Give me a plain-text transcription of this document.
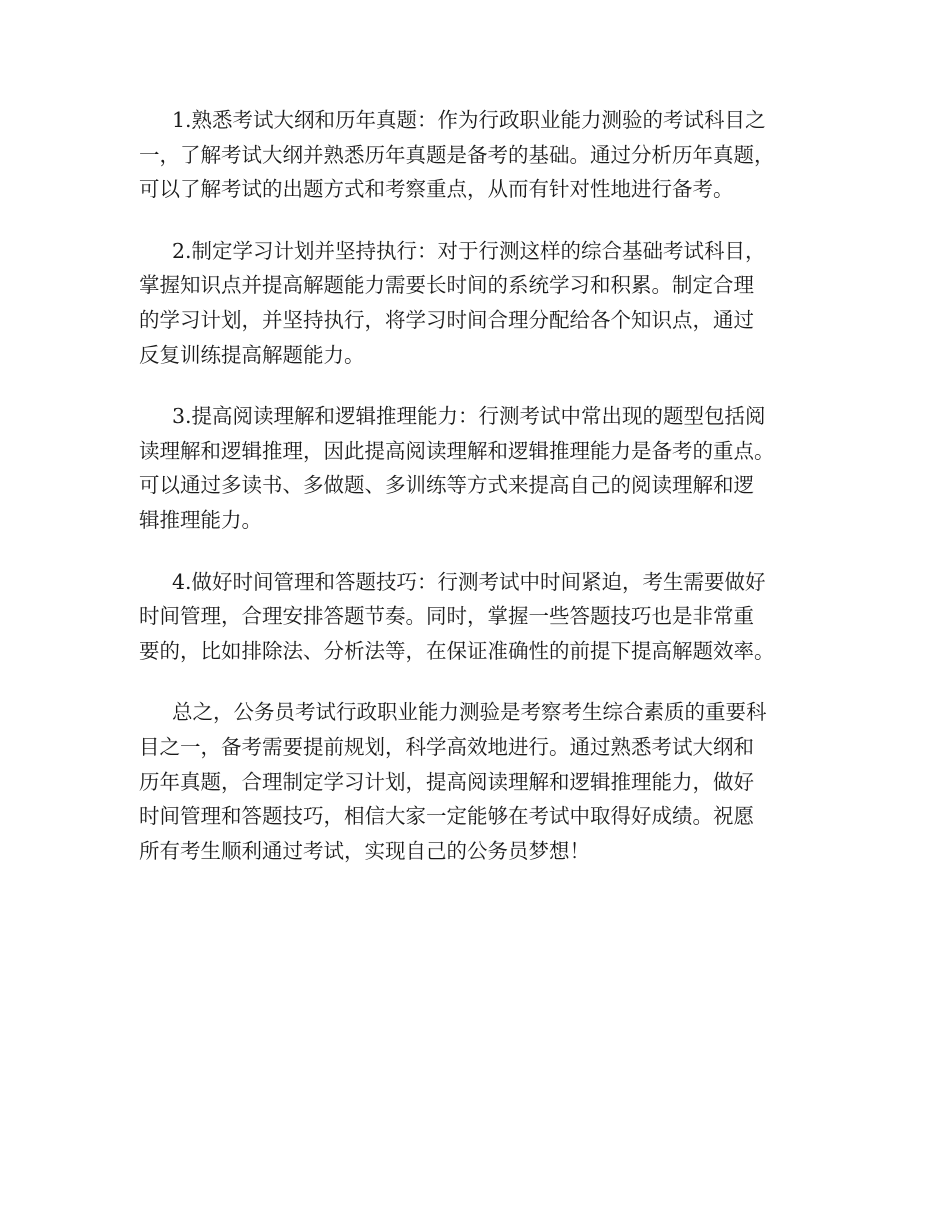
1.熟悉考试大纲和历年真题：作为行政职业能力测验的考试科目之
一，了解考试大纲并熟悉历年真题是备考的基础。通过分析历年真题，
可以了解考试的出题方式和考察重点，从而有针对性地进行备考。

2.制定学习计划并坚持执行：对于行测这样的综合基础考试科目，
掌握知识点并提高解题能力需要长时间的系统学习和积累。制定合理
的学习计划，并坚持执行，将学习时间合理分配给各个知识点，通过
反复训练提高解题能力。

3.提高阅读理解和逻辑推理能力：行测考试中常出现的题型包括阅
读理解和逻辑推理，因此提高阅读理解和逻辑推理能力是备考的重点。
可以通过多读书、多做题、多训练等方式来提高自己的阅读理解和逻
辑推理能力。

4.做好时间管理和答题技巧：行测考试中时间紧迫，考生需要做好
时间管理，合理安排答题节奏。同时，掌握一些答题技巧也是非常重
要的，比如排除法、分析法等，在保证准确性的前提下提高解题效率。

总之，公务员考试行政职业能力测验是考察考生综合素质的重要科
目之一，备考需要提前规划，科学高效地进行。通过熟悉考试大纲和
历年真题，合理制定学习计划，提高阅读理解和逻辑推理能力，做好
时间管理和答题技巧，相信大家一定能够在考试中取得好成绩。祝愿
所有考生顺利通过考试，实现自己的公务员梦想！
